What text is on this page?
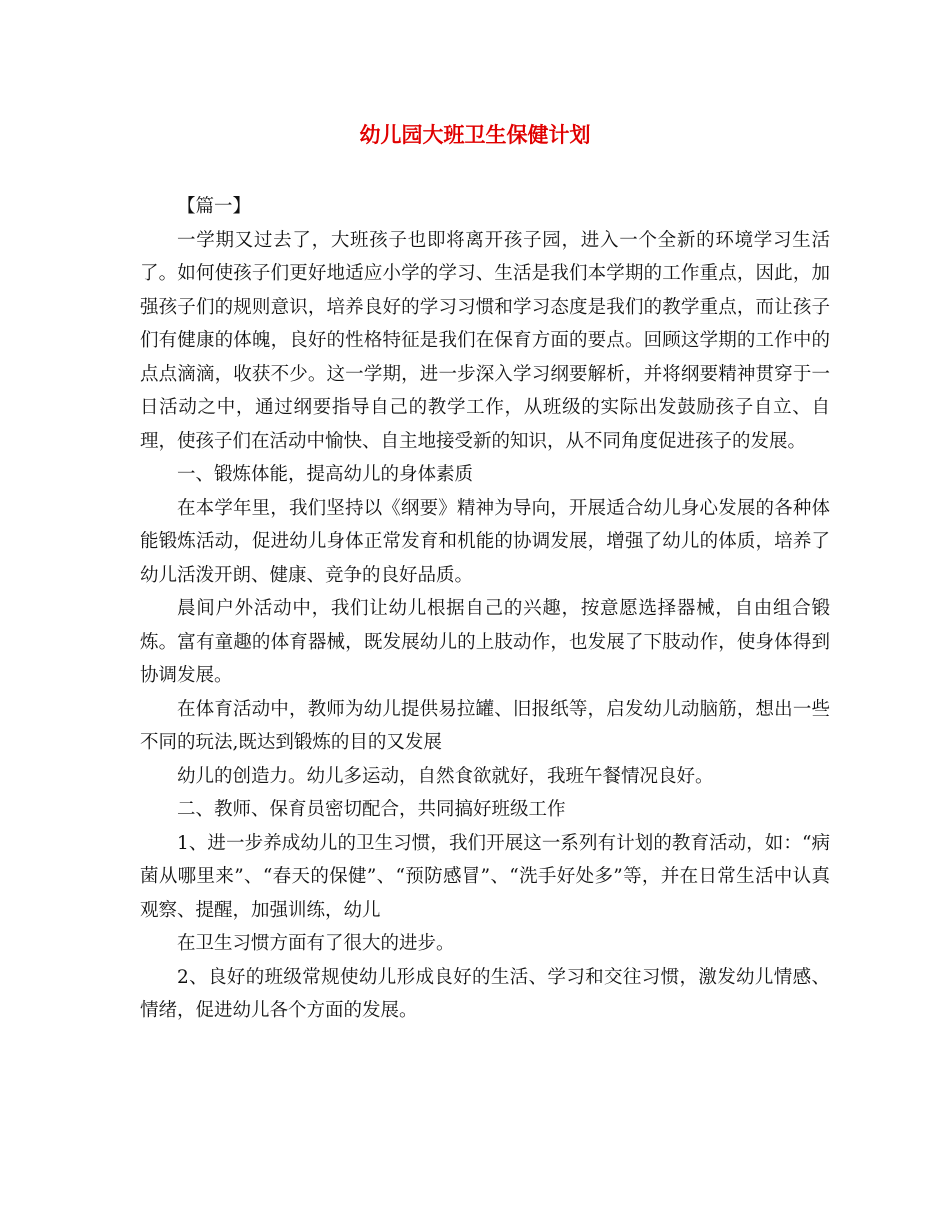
幼儿园大班卫生保健计划

【篇一】

一学期又过去了，大班孩子也即将离开孩子园，进入一个全新的环境学习生活了。如何使孩子们更好地适应小学的学习、生活是我们本学期的工作重点，因此，加强孩子们的规则意识，培养良好的学习习惯和学习态度是我们的教学重点，而让孩子们有健康的体魄，良好的性格特征是我们在保育方面的要点。回顾这学期的工作中的点点滴滴，收获不少。这一学期，进一步深入学习纲要解析，并将纲要精神贯穿于一日活动之中，通过纲要指导自己的教学工作，从班级的实际出发鼓励孩子自立、自理，使孩子们在活动中愉快、自主地接受新的知识，从不同角度促进孩子的发展。

一、锻炼体能，提高幼儿的身体素质

在本学年里，我们坚持以《纲要》精神为导向，开展适合幼儿身心发展的各种体能锻炼活动，促进幼儿身体正常发育和机能的协调发展，增强了幼儿的体质，培养了幼儿活泼开朗、健康、竞争的良好品质。

晨间户外活动中，我们让幼儿根据自己的兴趣，按意愿选择器械，自由组合锻炼。富有童趣的体育器械，既发展幼儿的上肢动作，也发展了下肢动作，使身体得到协调发展。

在体育活动中，教师为幼儿提供易拉罐、旧报纸等，启发幼儿动脑筋，想出一些不同的玩法,既达到锻炼的目的又发展

幼儿的创造力。幼儿多运动，自然食欲就好，我班午餐情况良好。

二、教师、保育员密切配合，共同搞好班级工作

1、进一步养成幼儿的卫生习惯，我们开展这一系列有计划的教育活动，如：“病菌从哪里来”、“春天的保健”、“预防感冒”、“洗手好处多”等，并在日常生活中认真观察、提醒，加强训练，幼儿

在卫生习惯方面有了很大的进步。

2、良好的班级常规使幼儿形成良好的生活、学习和交往习惯，激发幼儿情感、情绪，促进幼儿各个方面的发展。
